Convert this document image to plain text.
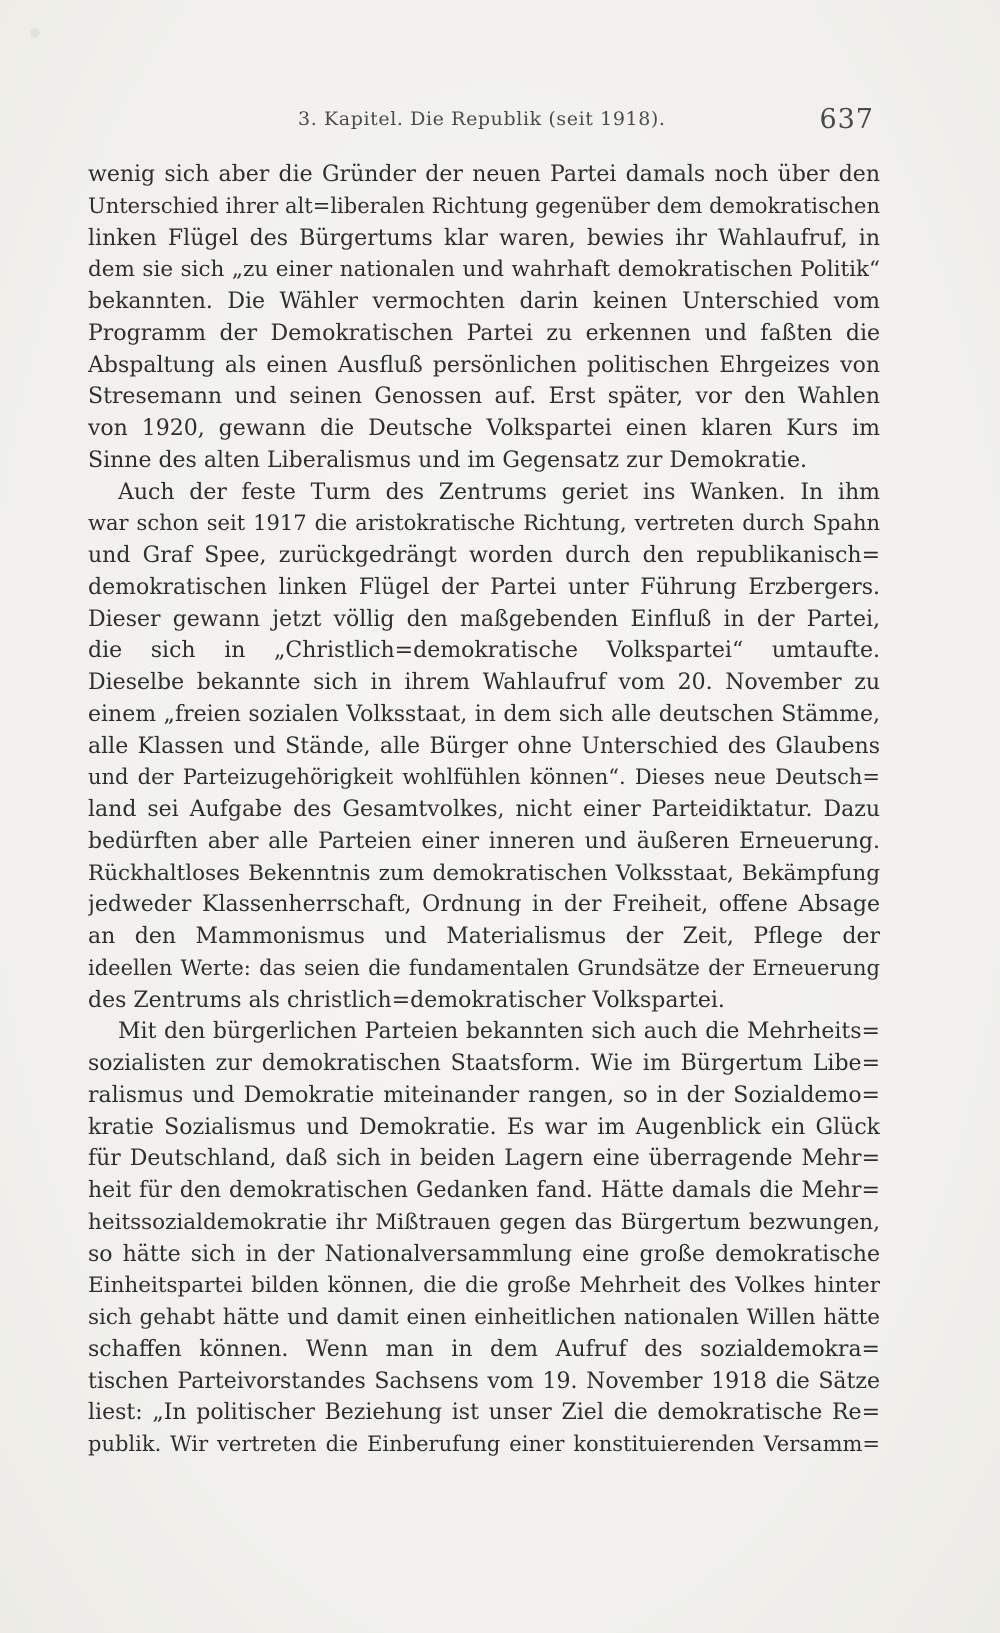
3. Kapitel. Die Republik (seit 1918).	637
wenig sich aber die Gründer der neuen Partei damals noch über den
Unterschied ihrer alt=liberalen Richtung gegenüber dem demokratischen
linken Flügel des Bürgertums klar waren, bewies ihr Wahlaufruf, in
dem sie sich „zu einer nationalen und wahrhaft demokratischen Politik“
bekannten. Die Wähler vermochten darin keinen Unterschied vom
Programm der Demokratischen Partei zu erkennen und faßten die
Abspaltung als einen Ausfluß persönlichen politischen Ehrgeizes von
Stresemann und seinen Genossen auf. Erst später, vor den Wahlen
von 1920, gewann die Deutsche Volkspartei einen klaren Kurs im
Sinne des alten Liberalismus und im Gegensatz zur Demokratie.
Auch der feste Turm des Zentrums geriet ins Wanken. In ihm
war schon seit 1917 die aristokratische Richtung, vertreten durch Spahn
und Graf Spee, zurückgedrängt worden durch den republikanisch=
demokratischen linken Flügel der Partei unter Führung Erzbergers.
Dieser gewann jetzt völlig den maßgebenden Einfluß in der Partei,
die sich in „Christlich=demokratische Volkspartei“ umtaufte.
Dieselbe bekannte sich in ihrem Wahlaufruf vom 20. November zu
einem „freien sozialen Volksstaat, in dem sich alle deutschen Stämme,
alle Klassen und Stände, alle Bürger ohne Unterschied des Glaubens
und der Parteizugehörigkeit wohlfühlen können“. Dieses neue Deutsch=
land sei Aufgabe des Gesamtvolkes, nicht einer Parteidiktatur. Dazu
bedürften aber alle Parteien einer inneren und äußeren Erneuerung.
Rückhaltloses Bekenntnis zum demokratischen Volksstaat, Bekämpfung
jedweder Klassenherrschaft, Ordnung in der Freiheit, offene Absage
an den Mammonismus und Materialismus der Zeit, Pflege der
ideellen Werte: das seien die fundamentalen Grundsätze der Erneuerung
des Zentrums als christlich=demokratischer Volkspartei.
Mit den bürgerlichen Parteien bekannten sich auch die Mehrheits=
sozialisten zur demokratischen Staatsform. Wie im Bürgertum Libe=
ralismus und Demokratie miteinander rangen, so in der Sozialdemo=
kratie Sozialismus und Demokratie. Es war im Augenblick ein Glück
für Deutschland, daß sich in beiden Lagern eine überragende Mehr=
heit für den demokratischen Gedanken fand. Hätte damals die Mehr=
heitssozialdemokratie ihr Mißtrauen gegen das Bürgertum bezwungen,
so hätte sich in der Nationalversammlung eine große demokratische
Einheitspartei bilden können, die die große Mehrheit des Volkes hinter
sich gehabt hätte und damit einen einheitlichen nationalen Willen hätte
schaffen können. Wenn man in dem Aufruf des sozialdemokra=
tischen Parteivorstandes Sachsens vom 19. November 1918 die Sätze
liest: „In politischer Beziehung ist unser Ziel die demokratische Re=
publik. Wir vertreten die Einberufung einer konstituierenden Versamm=
